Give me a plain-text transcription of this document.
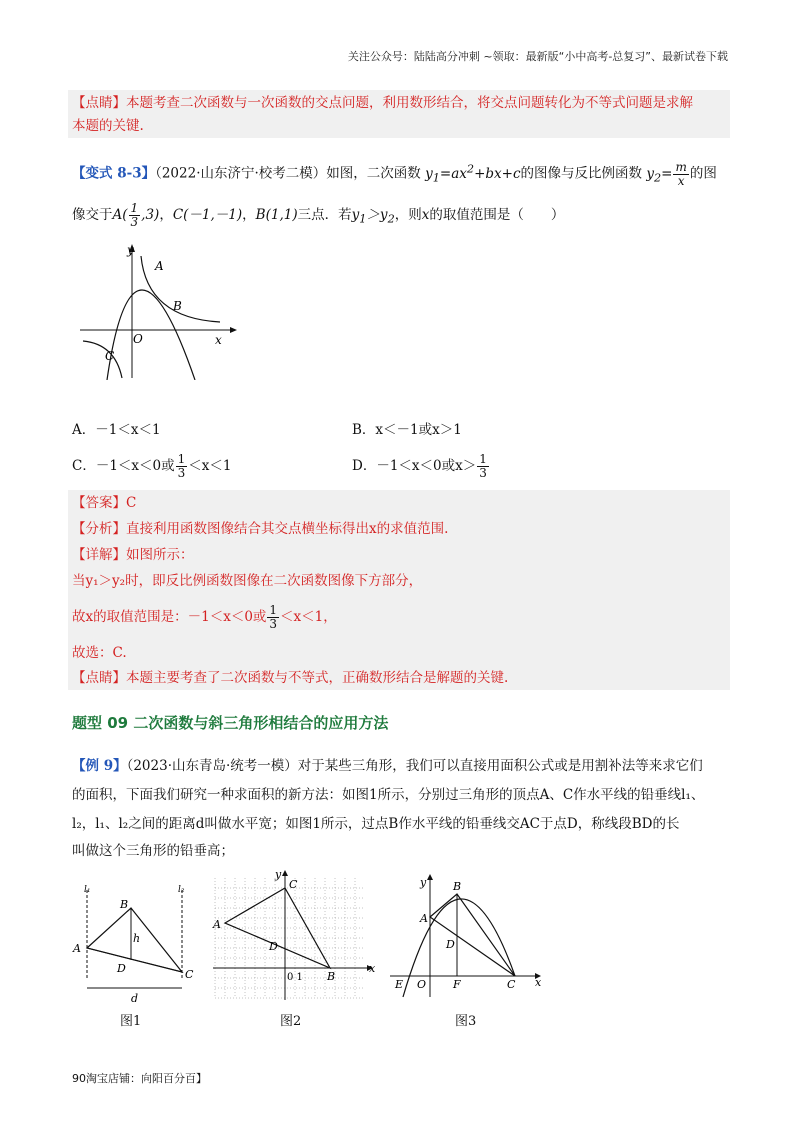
关注公众号：陆陆高分冲刺 ~领取：最新版“小中高考-总复习”、最新试卷下载
【点睛】本题考查二次函数与一次函数的交点问题，利用数形结合，将交点问题转化为不等式问题是求解
本题的关键.
【变式 8-3】（2022·山东济宁·校考二模）如图，二次函数 $y_1=ax^2+bx+c$的图像与反比例函数 $y_2= \frac{m}{x}$ 的图
像交于$A( \frac{1}{3} ,3)$，C(－1,－1)，B(1,1)三点．若$y_1>y_2$，则x的取值范围是（　　）
y
x
O
A
B
C
A．－1＜x＜1	B．x＜－1或x＞1
C．－1＜x＜0或 $\frac{1}{3} <x<1$	D．－1＜x＜0或$x> \frac{1}{3}$
【答案】C
【分析】直接利用函数图像结合其交点横坐标得出x的求值范围.
【详解】如图所示：
当y₁＞y₂时，即反比例函数图像在二次函数图像下方部分，
故x的取值范围是：－1＜x＜0或 $\frac{1}{3} <x<1$，
故选：C.
【点睛】本题主要考查了二次函数与不等式，正确数形结合是解题的关键.
题型 09 二次函数与斜三角形相结合的应用方法
【例 9】（2023·山东青岛·统考一模）对于某些三角形，我们可以直接用面积公式或是用割补法等来求它们
的面积，下面我们研究一种求面积的新方法：如图1所示，分别过三角形的顶点A、C作水平线的铅垂线l₁、
l₂，l₁、l₂之间的距离d叫做水平宽；如图1所示，过点B作水平线的铅垂线交AC于点D，称线段BD的长
叫做这个三角形的铅垂高；
l₁	l₂
A
B
C
D
h
d
图1
y
x
C
A
B
D
0 1
图2
y
x
B
A
D
E O F	C
图3
90淘宝店铺：向阳百分百】
